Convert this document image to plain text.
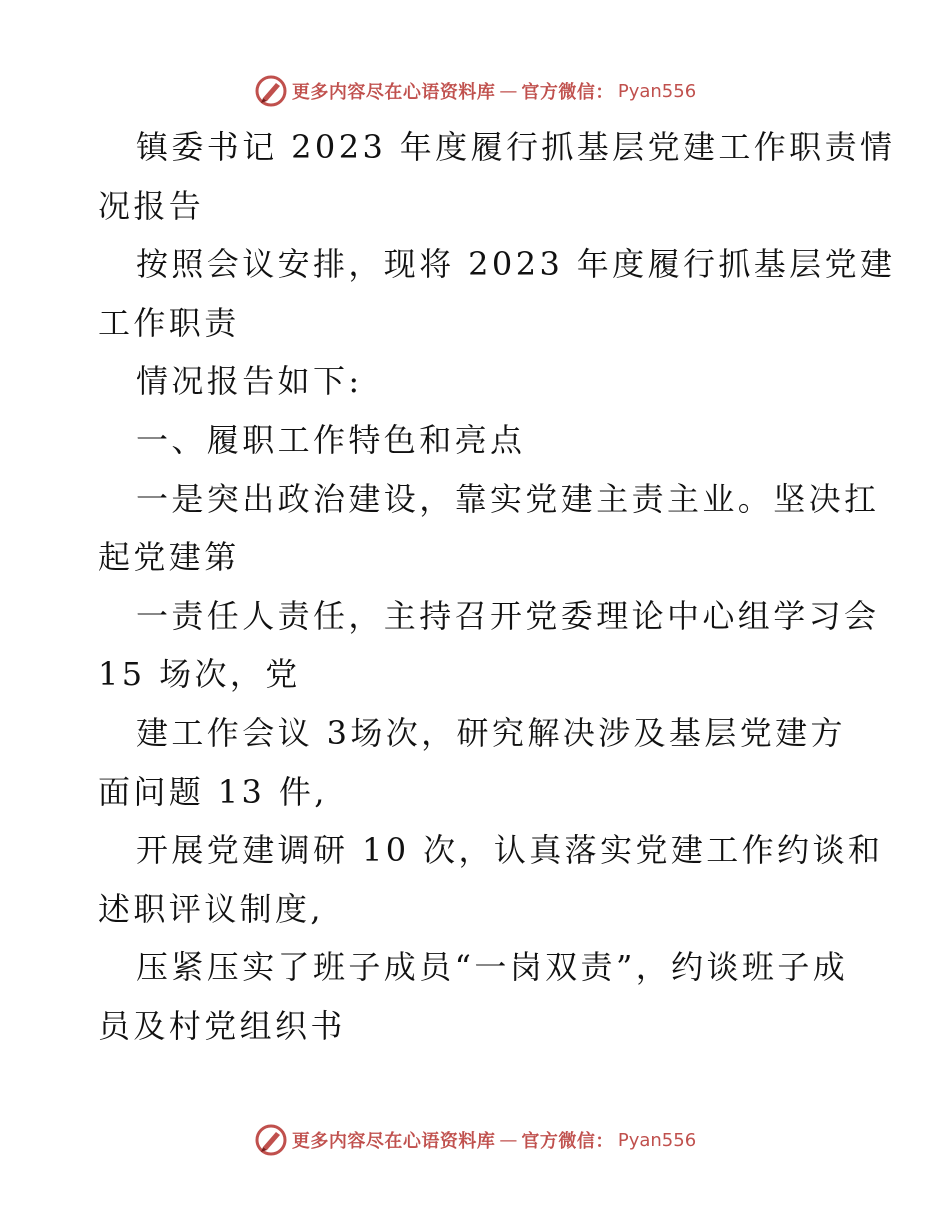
更多内容尽在心语资料库 — 官方微信： Pyan556
镇委书记 2023 年度履行抓基层党建工作职责情
况报告
按照会议安排，现将 2023 年度履行抓基层党建
工作职责
情况报告如下:
一、履职工作特色和亮点
一是突出政治建设，靠实党建主责主业。坚决扛
起党建第
一责任人责任，主持召开党委理论中心组学习会
15 场次，党
建工作会议 3场次，研究解决涉及基层党建方
面问题 13 件,
开展党建调研 10 次，认真落实党建工作约谈和
述职评议制度,
压紧压实了班子成员“一岗双责”，约谈班子成
员及村党组织书
更多内容尽在心语资料库 — 官方微信： Pyan556
